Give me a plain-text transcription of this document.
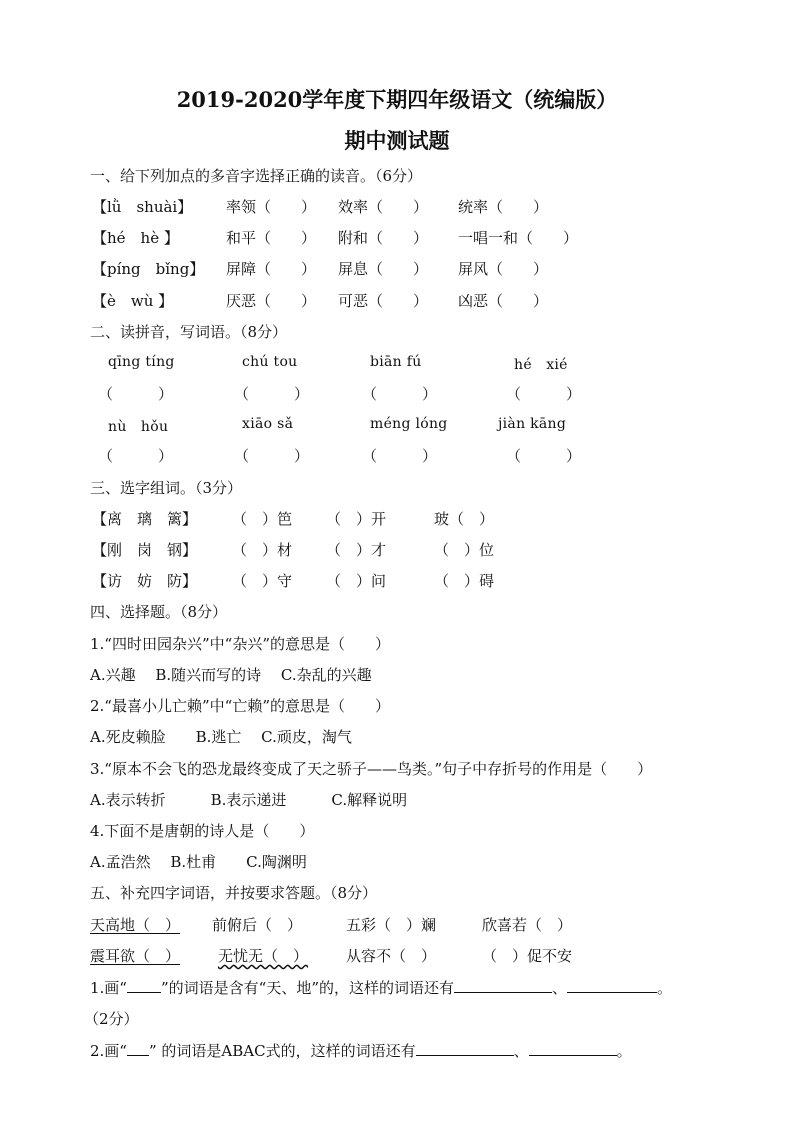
2019-2020学年度下期四年级语文（统编版）
期中测试题
一、给下列加点的多音字选择正确的读音。（6分）
【lǜ　shuài】 率领（　　） 效率（　　） 统率（　　）
【hé　hè 】	和平（　　） 附和（　　） 一唱一和（　　）
【píng　bǐng】 屏障（　　） 屏息（　　） 屏风（　　）
【è　wù 】	厌恶（　　） 可恶（　　） 凶恶（　　）
二、读拼音，写词语。（8分）
qīng tíng	chú tou	biān fú	hé　xié
（　　　）	（　　　）	（　　　）	（　　　）
nù　hǒu	xiāo sǎ	méng lóng	jiàn kāng
（　　　）	（　　　）	（　　　）	（　　　）
三、选字组词。（3分）
【离　璃　篱】 （　）笆 （　）开	玻（　）
【刚　岗　钢】 （　）材 （　）才	（　）位
【访　妨　防】 （　）守 （　）问	（　）碍
四、选择题。（8分）
1.“四时田园杂兴”中“杂兴”的意思是（　　）
A.兴趣　 B.随兴而写的诗　 C.杂乱的兴趣
2.“最喜小儿亡赖”中“亡赖”的意思是（　　）
A.死皮赖脸　　B.逃亡　 C.顽皮，淘气
3.“原本不会飞的恐龙最终变成了天之骄子——鸟类。”句子中存折号的作用是（　　）
A.表示转折　　　B.表示递进　　　C.解释说明
4.下面不是唐朝的诗人是（　　）
A.孟浩然　 B.杜甫　　C.陶渊明
五、补充四字词语，并按要求答题。（8分）
天高地（　） 前俯后（　）	五彩（　）斓	欣喜若（　）
震耳欲（　）	无忧无（　）	从容不（　）	（　）促不安
1.画“ ”的词语是含有“天、地”的，这样的词语还有	、	。
（2分）
2.画“ ” 的词语是ABAC式的，这样的词语还有	、	。
